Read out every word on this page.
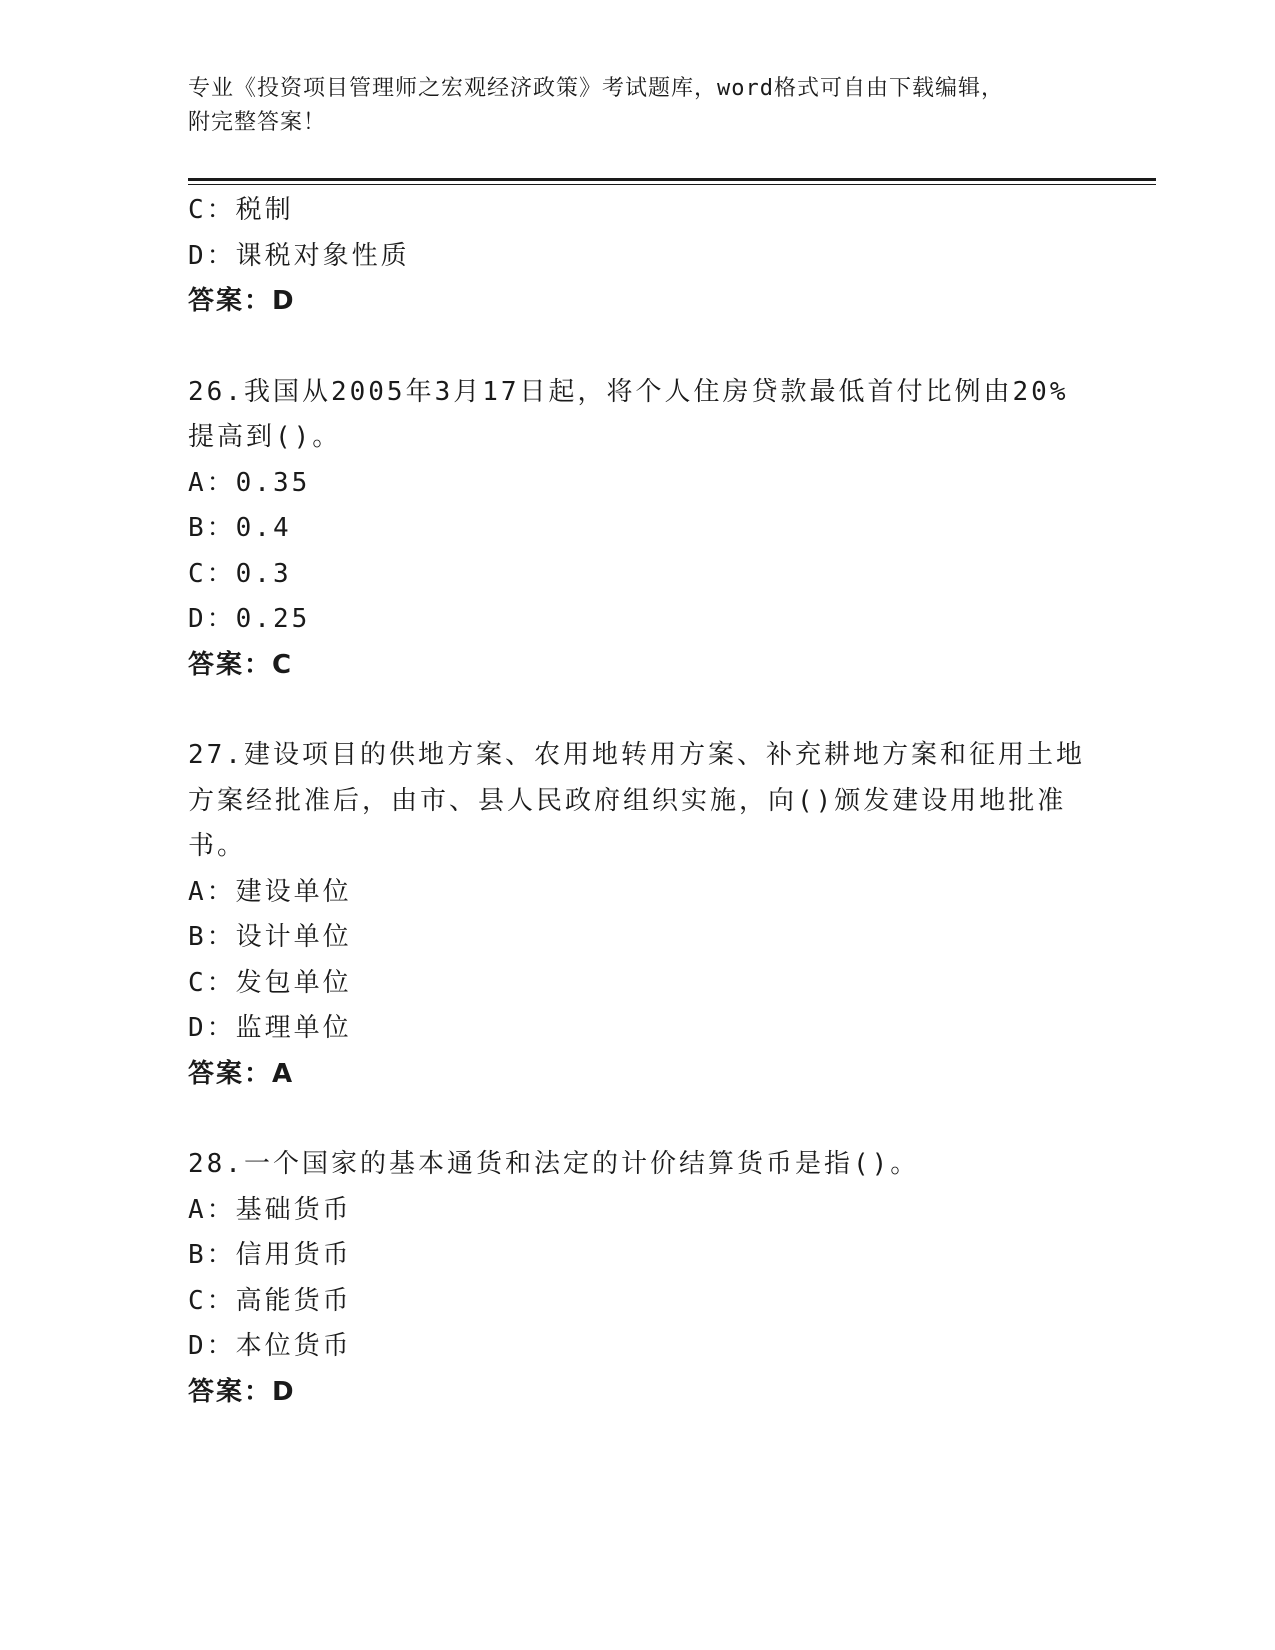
专业《投资项目管理师之宏观经济政策》考试题库，word格式可自由下载编辑，
附完整答案！
C：税制
D：课税对象性质
答案：D
26.我国从2005年3月17日起，将个人住房贷款最低首付比例由20%
提高到()。
A：0.35
B：0.4
C：0.3
D：0.25
答案：C
27.建设项目的供地方案、农用地转用方案、补充耕地方案和征用土地
方案经批准后，由市、县人民政府组织实施，向()颁发建设用地批准
书。
A：建设单位
B：设计单位
C：发包单位
D：监理单位
答案：A
28.一个国家的基本通货和法定的计价结算货币是指()。
A：基础货币
B：信用货币
C：高能货币
D：本位货币
答案：D
